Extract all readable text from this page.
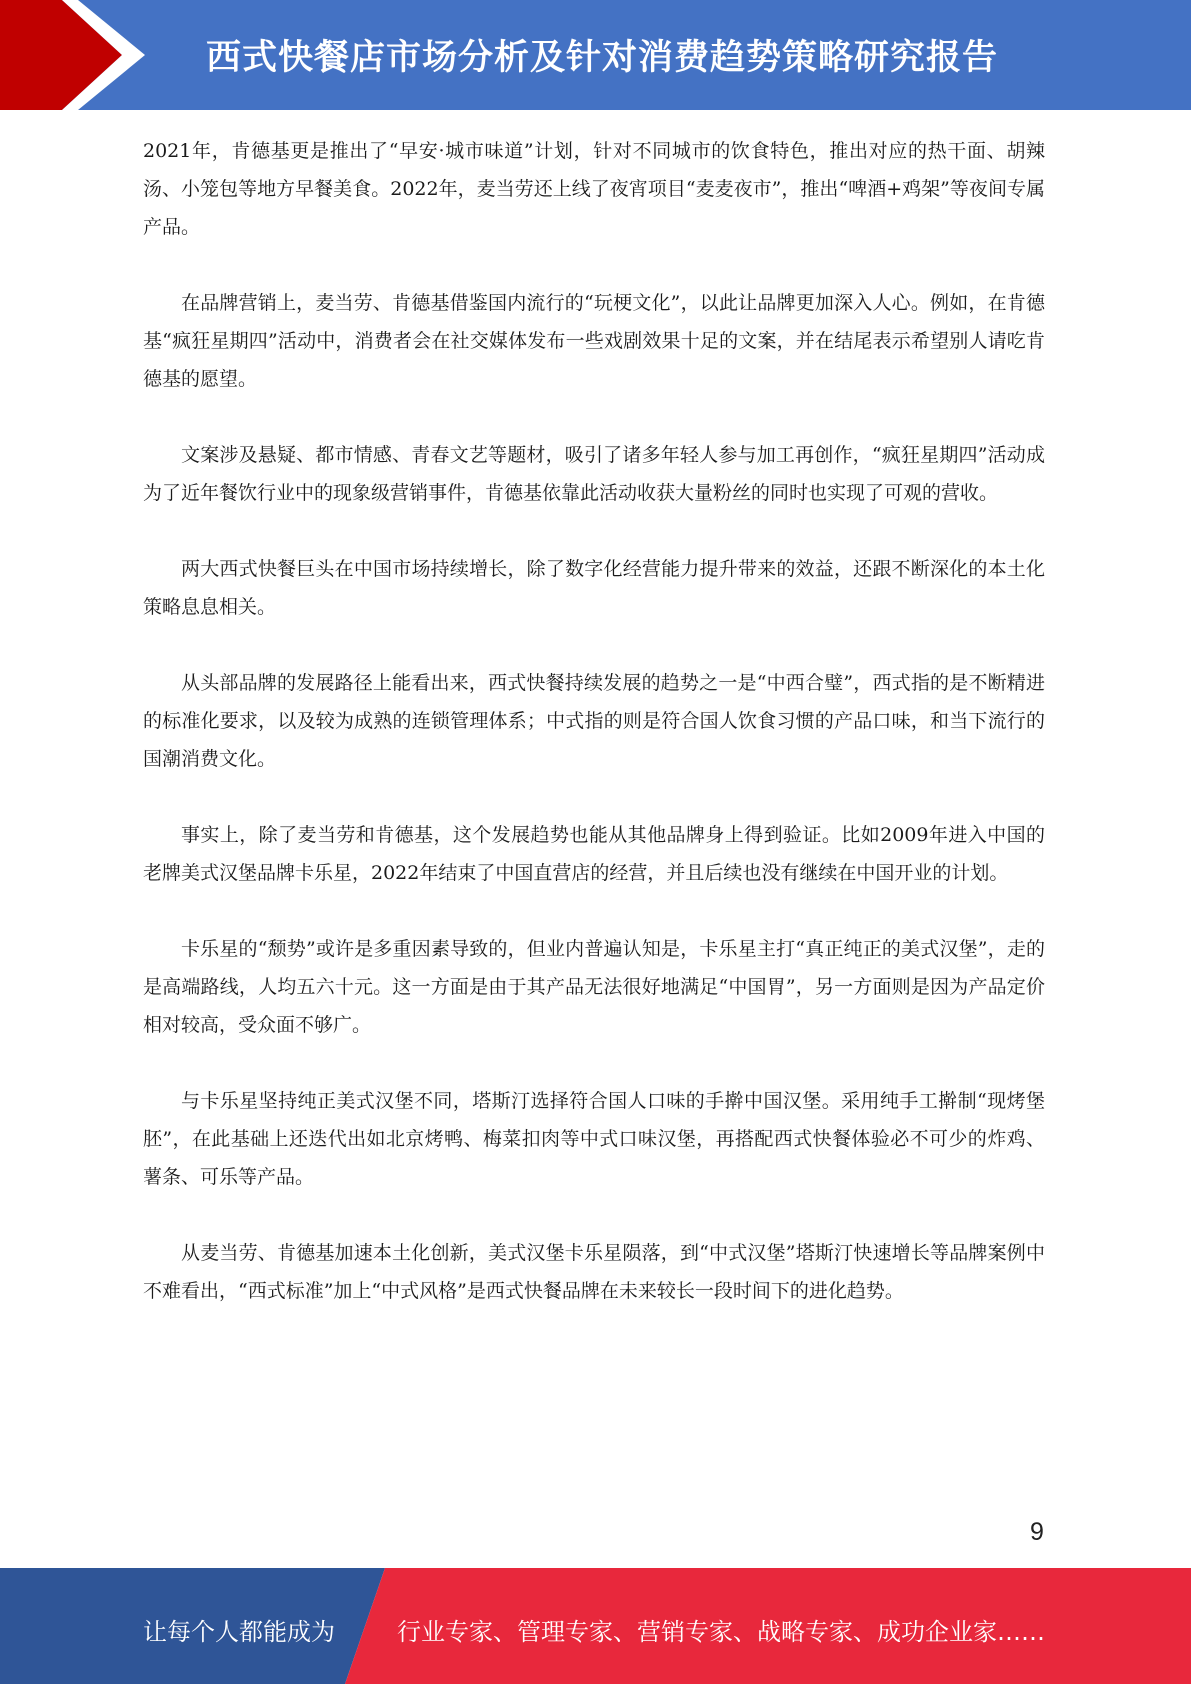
西式快餐店市场分析及针对消费趋势策略研究报告

2021年，肯德基更是推出了“早安·城市味道”计划，针对不同城市的饮食特色，推出对应的热干面、胡辣汤、小笼包等地方早餐美食。2022年，麦当劳还上线了夜宵项目“麦麦夜市”，推出“啤酒+鸡架”等夜间专属产品。

在品牌营销上，麦当劳、肯德基借鉴国内流行的“玩梗文化”，以此让品牌更加深入人心。例如，在肯德基“疯狂星期四”活动中，消费者会在社交媒体发布一些戏剧效果十足的文案，并在结尾表示希望别人请吃肯德基的愿望。

文案涉及悬疑、都市情感、青春文艺等题材，吸引了诸多年轻人参与加工再创作，“疯狂星期四”活动成为了近年餐饮行业中的现象级营销事件，肯德基依靠此活动收获大量粉丝的同时也实现了可观的营收。

两大西式快餐巨头在中国市场持续增长，除了数字化经营能力提升带来的效益，还跟不断深化的本土化策略息息相关。

从头部品牌的发展路径上能看出来，西式快餐持续发展的趋势之一是“中西合璧”，西式指的是不断精进的标准化要求，以及较为成熟的连锁管理体系；中式指的则是符合国人饮食习惯的产品口味，和当下流行的国潮消费文化。

事实上，除了麦当劳和肯德基，这个发展趋势也能从其他品牌身上得到验证。比如2009年进入中国的老牌美式汉堡品牌卡乐星，2022年结束了中国直营店的经营，并且后续也没有继续在中国开业的计划。

卡乐星的“颓势”或许是多重因素导致的，但业内普遍认知是，卡乐星主打“真正纯正的美式汉堡”，走的是高端路线，人均五六十元。这一方面是由于其产品无法很好地满足“中国胃”，另一方面则是因为产品定价相对较高，受众面不够广。

与卡乐星坚持纯正美式汉堡不同，塔斯汀选择符合国人口味的手擀中国汉堡。采用纯手工擀制“现烤堡胚”，在此基础上还迭代出如北京烤鸭、梅菜扣肉等中式口味汉堡，再搭配西式快餐体验必不可少的炸鸡、薯条、可乐等产品。

从麦当劳、肯德基加速本土化创新，美式汉堡卡乐星陨落，到“中式汉堡”塔斯汀快速增长等品牌案例中不难看出，“西式标准”加上“中式风格”是西式快餐品牌在未来较长一段时间下的进化趋势。

9
让每个人都能成为	行业专家、管理专家、营销专家、战略专家、成功企业家……
